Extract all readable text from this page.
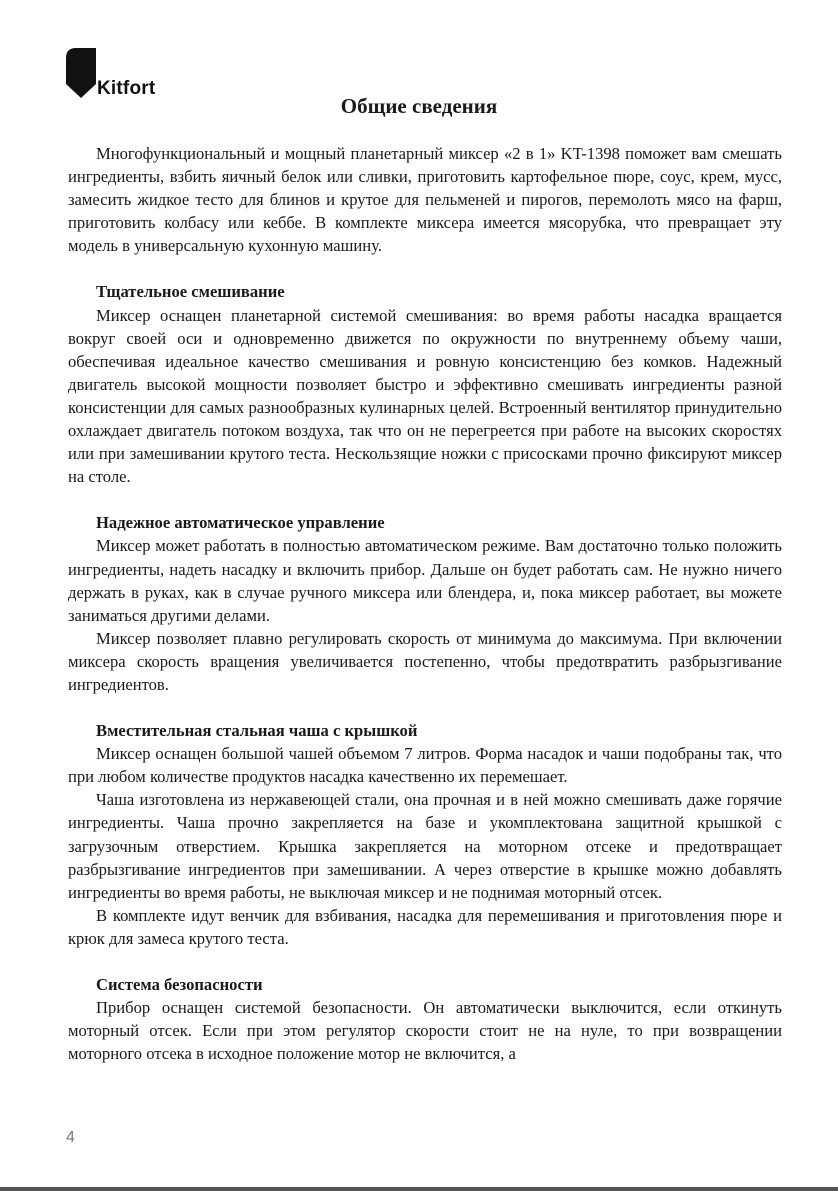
Kitfort
Общие сведения

Многофункциональный и мощный планетарный миксер «2 в 1» KT-1398 поможет вам смешать ингредиенты, взбить яичный белок или сливки, приготовить картофельное пюре, соус, крем, мусс, замесить жидкое тесто для блинов и крутое для пельменей и пирогов, перемолоть мясо на фарш, приготовить колбасу или кеббе. В комплекте миксера имеется мясорубка, что превращает эту модель в универсальную кухонную машину.

Тщательное смешивание

Миксер оснащен планетарной системой смешивания: во время работы насадка вращается вокруг своей оси и одновременно движется по окружности по внутреннему объему чаши, обеспечивая идеальное качество смешивания и ровную консистенцию без комков. Надежный двигатель высокой мощности позволяет быстро и эффективно смешивать ингредиенты разной консистенции для самых разнообразных кулинарных целей. Встроенный вентилятор принудительно охлаждает двигатель потоком воздуха, так что он не перегреется при работе на высоких скоростях или при замешивании крутого теста. Нескользящие ножки с присосками прочно фиксируют миксер на столе.

Надежное автоматическое управление

Миксер может работать в полностью автоматическом режиме. Вам достаточно только положить ингредиенты, надеть насадку и включить прибор. Дальше он будет работать сам. Не нужно ничего держать в руках, как в случае ручного миксера или блендера, и, пока миксер работает, вы можете заниматься другими делами.

Миксер позволяет плавно регулировать скорость от минимума до максимума. При включении миксера скорость вращения увеличивается постепенно, чтобы предотвратить разбрызгивание ингредиентов.

Вместительная стальная чаша с крышкой

Миксер оснащен большой чашей объемом 7 литров. Форма насадок и чаши подобраны так, что при любом количестве продуктов насадка качественно их перемешает.

Чаша изготовлена из нержавеющей стали, она прочная и в ней можно смешивать даже горячие ингредиенты. Чаша прочно закрепляется на базе и укомплектована защитной крышкой с загрузочным отверстием. Крышка закрепляется на моторном отсеке и предотвращает разбрызгивание ингредиентов при замешивании. А через отверстие в крышке можно добавлять ингредиенты во время работы, не выключая миксер и не поднимая моторный отсек.

В комплекте идут венчик для взбивания, насадка для перемешивания и приготовления пюре и крюк для замеса крутого теста.

Система безопасности

Прибор оснащен системой безопасности. Он автоматически выключится, если откинуть моторный отсек. Если при этом регулятор скорости стоит не на нуле, то при возвращении моторного отсека в исходное положение мотор не включится, а

4
